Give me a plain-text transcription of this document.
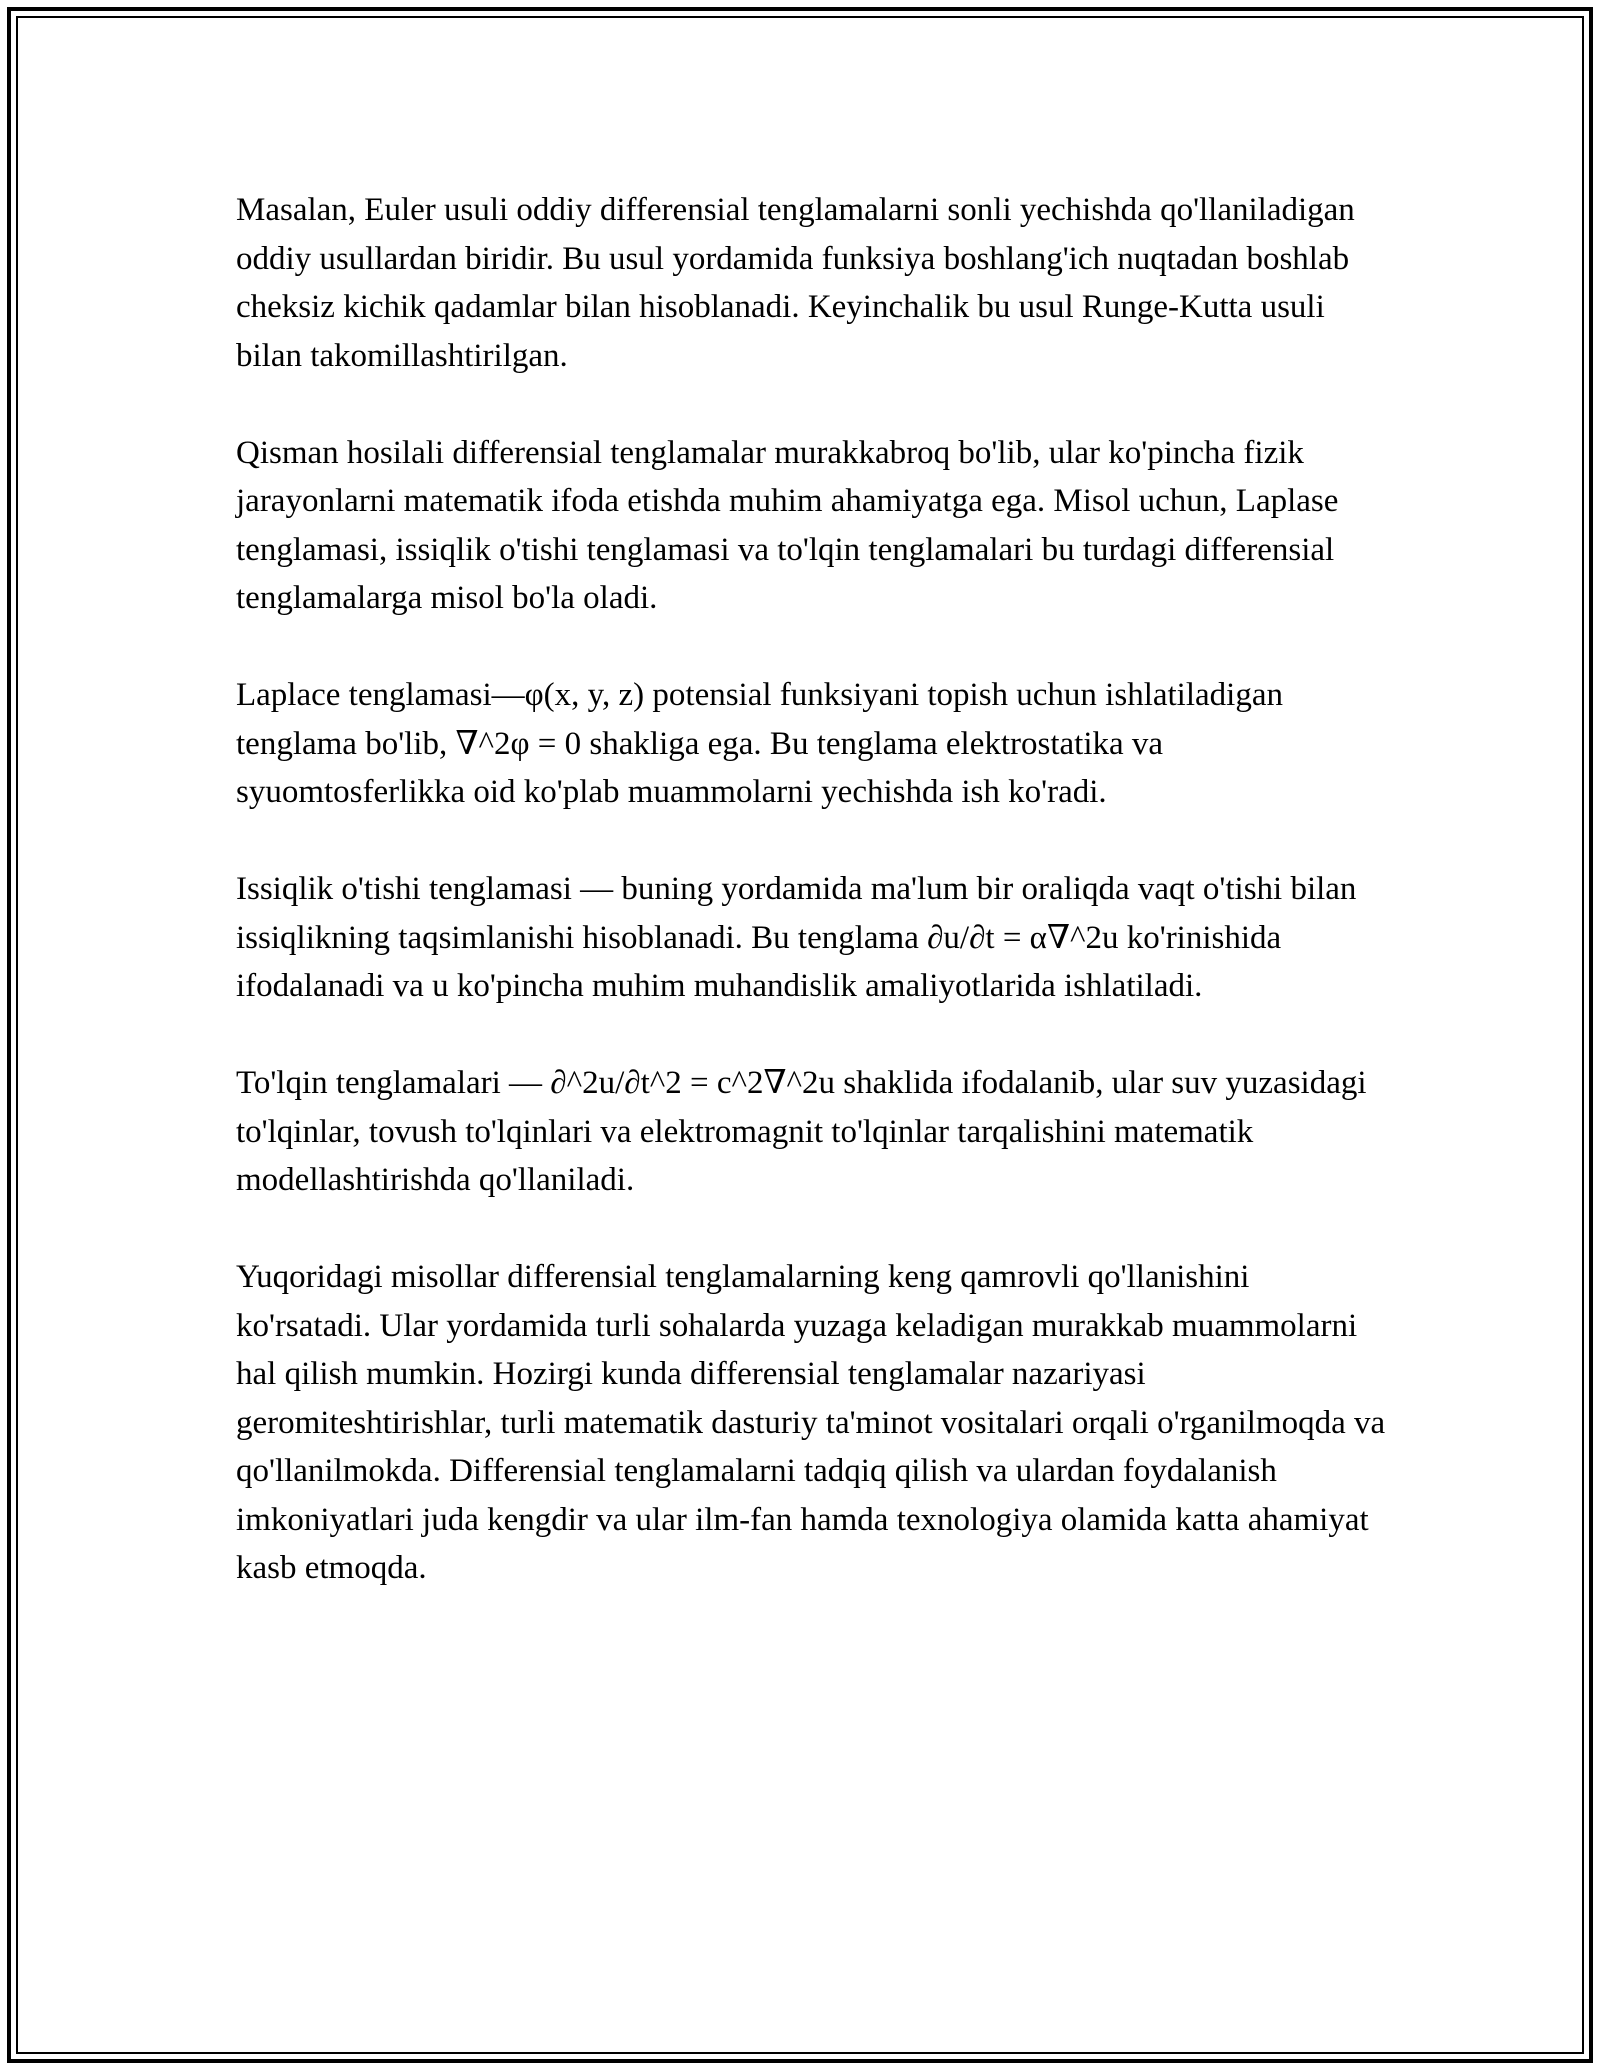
Masalan, Euler usuli oddiy differensial tenglamalarni sonli yechishda qo'llaniladigan oddiy usullardan biridir. Bu usul yordamida funksiya boshlang'ich nuqtadan boshlab cheksiz kichik qadamlar bilan hisoblanadi. Keyinchalik bu usul Runge-Kutta usuli bilan takomillashtirilgan.

Qisman hosilali differensial tenglamalar murakkabroq bo'lib, ular ko'pincha fizik jarayonlarni matematik ifoda etishda muhim ahamiyatga ega. Misol uchun, Laplase tenglamasi, issiqlik o'tishi tenglamasi va to'lqin tenglamalari bu turdagi differensial tenglamalarga misol bo'la oladi.

Laplace tenglamasi—φ(x, y, z) potensial funksiyani topish uchun ishlatiladigan tenglama bo'lib, ∇^2φ = 0 shakliga ega. Bu tenglama elektrostatika va syuomtosferlikka oid ko'plab muammolarni yechishda ish ko'radi.

Issiqlik o'tishi tenglamasi — buning yordamida ma'lum bir oraliqda vaqt o'tishi bilan issiqlikning taqsimlanishi hisoblanadi. Bu tenglama ∂u/∂t = α∇^2u ko'rinishida ifodalanadi va u ko'pincha muhim muhandislik amaliyotlarida ishlatiladi.

To'lqin tenglamalari — ∂^2u/∂t^2 = c^2∇^2u shaklida ifodalanib, ular suv yuzasidagi to'lqinlar, tovush to'lqinlari va elektromagnit to'lqinlar tarqalishini matematik modellashtirishda qo'llaniladi.

Yuqoridagi misollar differensial tenglamalarning keng qamrovli qo'llanishini ko'rsatadi. Ular yordamida turli sohalarda yuzaga keladigan murakkab muammolarni hal qilish mumkin. Hozirgi kunda differensial tenglamalar nazariyasi geromiteshtirishlar, turli matematik dasturiy ta'minot vositalari orqali o'rganilmoqda va qo'llanilmokda. Differensial tenglamalarni tadqiq qilish va ulardan foydalanish imkoniyatlari juda kengdir va ular ilm-fan hamda texnologiya olamida katta ahamiyat kasb etmoqda.
